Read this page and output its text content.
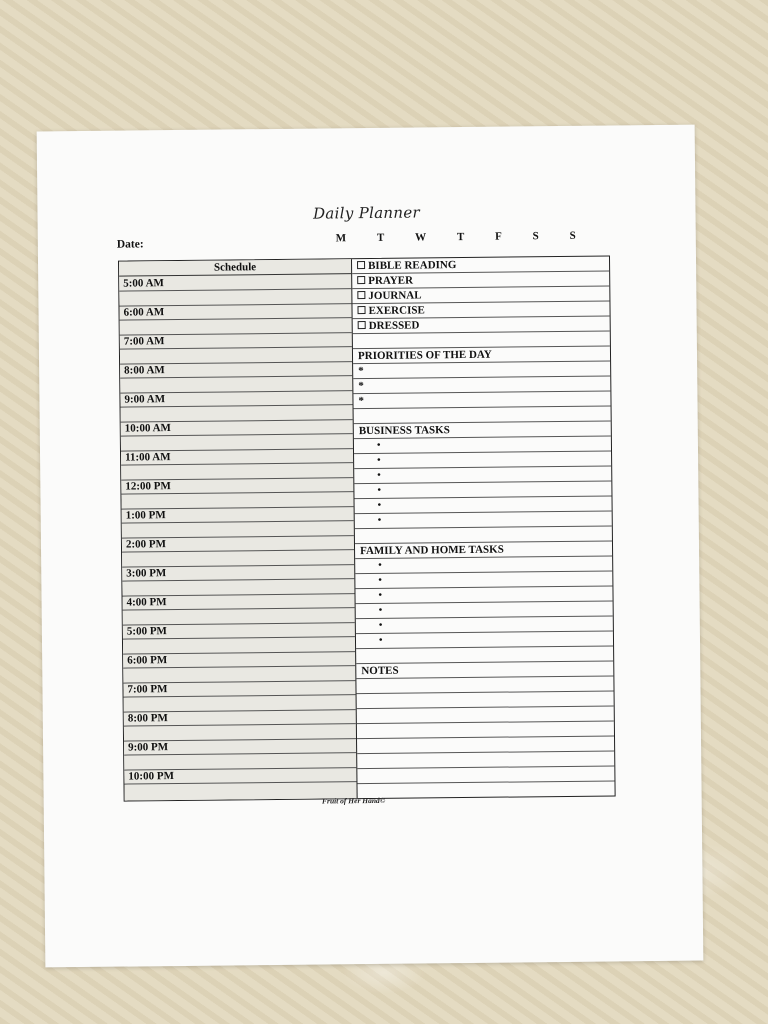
Daily Planner
Date:
M	T	W	T	F	S	S
Schedule
5:00 AM
6:00 AM
7:00 AM
8:00 AM
9:00 AM
10:00 AM
11:00 AM
12:00 PM
1:00 PM
2:00 PM
3:00 PM
4:00 PM
5:00 PM
6:00 PM
7:00 PM
8:00 PM
9:00 PM
10:00 PM
BIBLE READING
PRAYER
JOURNAL
EXERCISE
DRESSED
PRIORITIES OF THE DAY
*
*
*
BUSINESS TASKS
•
•
•
•
•
•
FAMILY AND HOME TASKS
•
•
•
•
•
•
NOTES
Fruit of Her Hand©
